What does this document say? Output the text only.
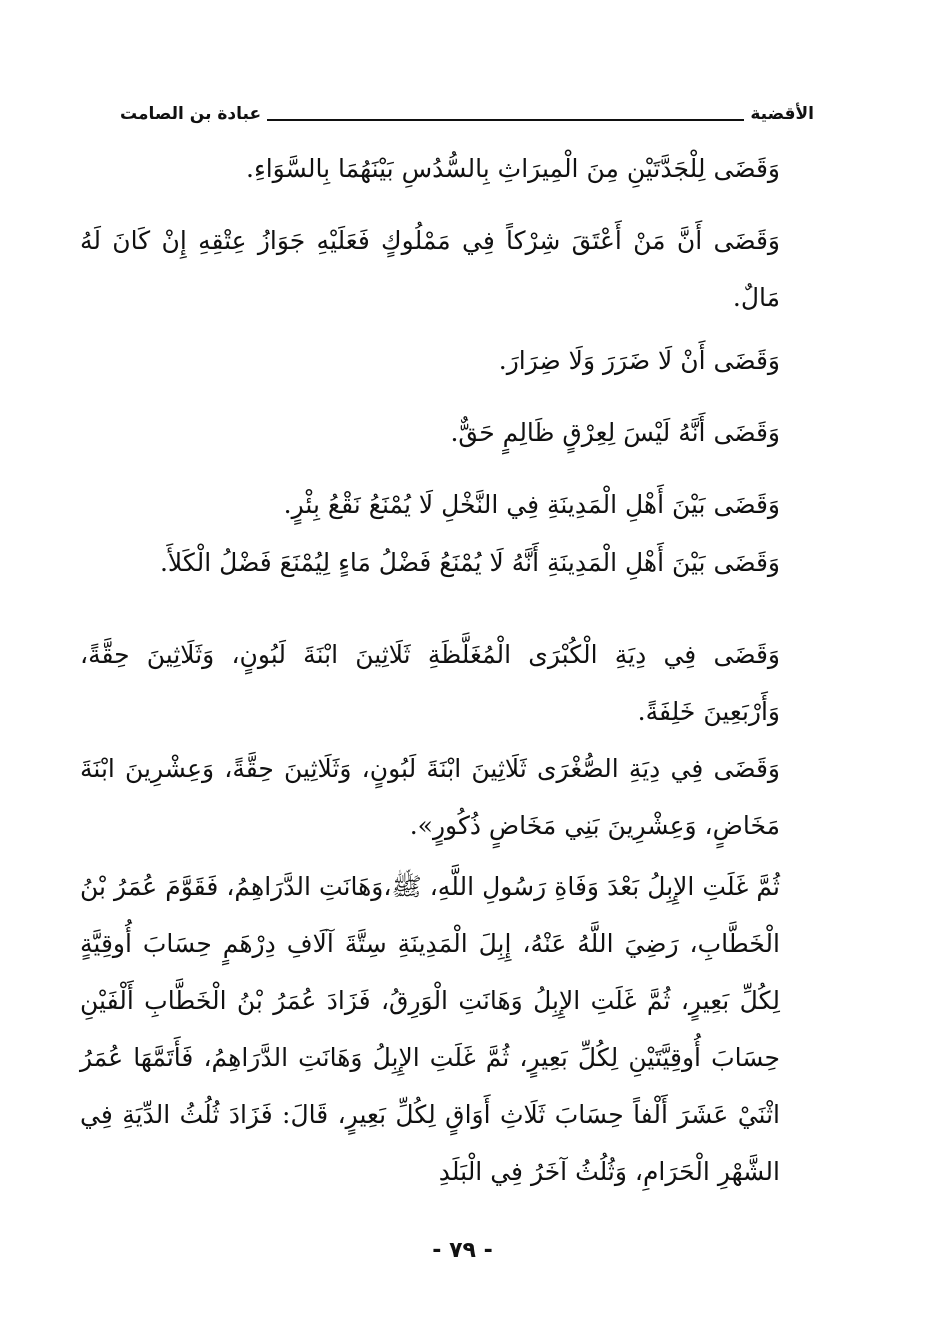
الأقضية
عبادة بن الصامت

وَقَضَى لِلْجَدَّتَيْنِ مِنَ الْمِيرَاثِ بِالسُّدُسِ بَيْنَهُمَا بِالسَّوَاءِ.

وَقَضَى أَنَّ مَنْ أَعْتَقَ شِرْكاً فِي مَمْلُوكٍ فَعَلَيْهِ جَوَازُ عِتْقِهِ إِنْ كَانَ لَهُ مَالٌ.

وَقَضَى أَنْ لَا ضَرَرَ وَلَا ضِرَارَ.

وَقَضَى أَنَّهُ لَيْسَ لِعِرْقٍ ظَالِمٍ حَقٌّ.

وَقَضَى بَيْنَ أَهْلِ الْمَدِينَةِ فِي النَّخْلِ لَا يُمْنَعُ نَقْعُ بِئْرٍ.

وَقَضَى بَيْنَ أَهْلِ الْمَدِينَةِ أَنَّهُ لَا يُمْنَعُ فَضْلُ مَاءٍ لِيُمْنَعَ فَضْلُ الْكَلأَ.

وَقَضَى فِي دِيَةِ الْكُبْرَى الْمُغَلَّظَةِ ثَلَاثِينَ ابْنَةَ لَبُونٍ، وَثَلَاثِينَ حِقَّةً، وَأَرْبَعِينَ خَلِفَةً.

وَقَضَى فِي دِيَةِ الصُّغْرَى ثَلَاثِينَ ابْنَةَ لَبُونٍ، وَثَلَاثِينَ حِقَّةً، وَعِشْرِينَ ابْنَةَ مَخَاضٍ، وَعِشْرِينَ بَنِي مَخَاضٍ ذُكُورٍ».

ثُمَّ غَلَتِ الإِبِلُ بَعْدَ وَفَاةِ رَسُولِ اللَّهِ، ﷺ،وَهَانَتِ الدَّرَاهِمُ، فَقَوَّمَ عُمَرُ بْنُ الْخَطَّابِ، رَضِيَ اللَّهُ عَنْهُ، إِبِلَ الْمَدِينَةِ سِتَّةَ آلَافِ دِرْهَمٍ حِسَابَ أُوقِيَّةٍ لِكُلِّ بَعِيرٍ، ثُمَّ غَلَتِ الإِبِلُ وَهَانَتِ الْوَرِقُ، فَزَادَ عُمَرُ بْنُ الْخَطَّابِ أَلْفَيْنِ حِسَابَ أُوقِيَّتَيْنِ لِكُلِّ بَعِيرٍ، ثُمَّ غَلَتِ الإِبِلُ وَهَانَتِ الدَّرَاهِمُ، فَأَتَمَّهَا عُمَرُ اثْنَيْ عَشَرَ أَلْفاً حِسَابَ ثَلَاثِ أَوَاقٍ لِكُلِّ بَعِيرٍ، قَالَ: فَزَادَ ثُلُثُ الدِّيَةِ فِي الشَّهْرِ الْحَرَامِ، وَثُلُثُ آخَرُ فِي الْبَلَدِ

- ٧٩ -
